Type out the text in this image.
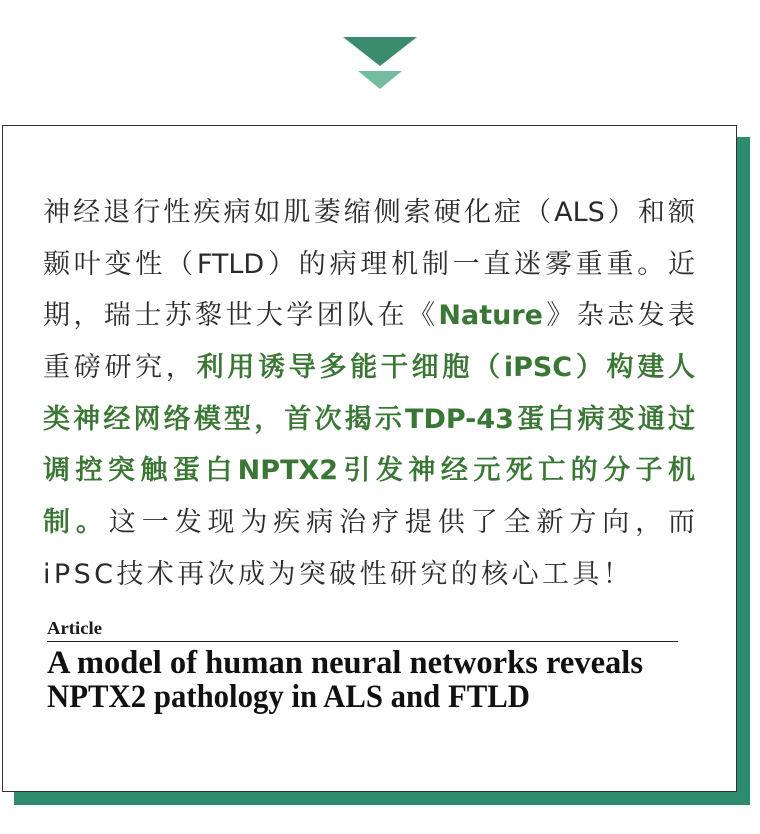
神经退行性疾病如肌萎缩侧索硬化症（ALS）和额
颞叶变性（FTLD）的病理机制一直迷雾重重。近
期，瑞士苏黎世大学团队在《Nature》杂志发表
重磅研究，利用诱导多能干细胞（iPSC）构建人
类神经网络模型，首次揭示TDP-43蛋白病变通过
调控突触蛋白NPTX2引发神经元死亡的分子机
制。这一发现为疾病治疗提供了全新方向，而
iPSC技术再次成为突破性研究的核心工具！
Article
A model of human neural networks reveals
NPTX2 pathology in ALS and FTLD
